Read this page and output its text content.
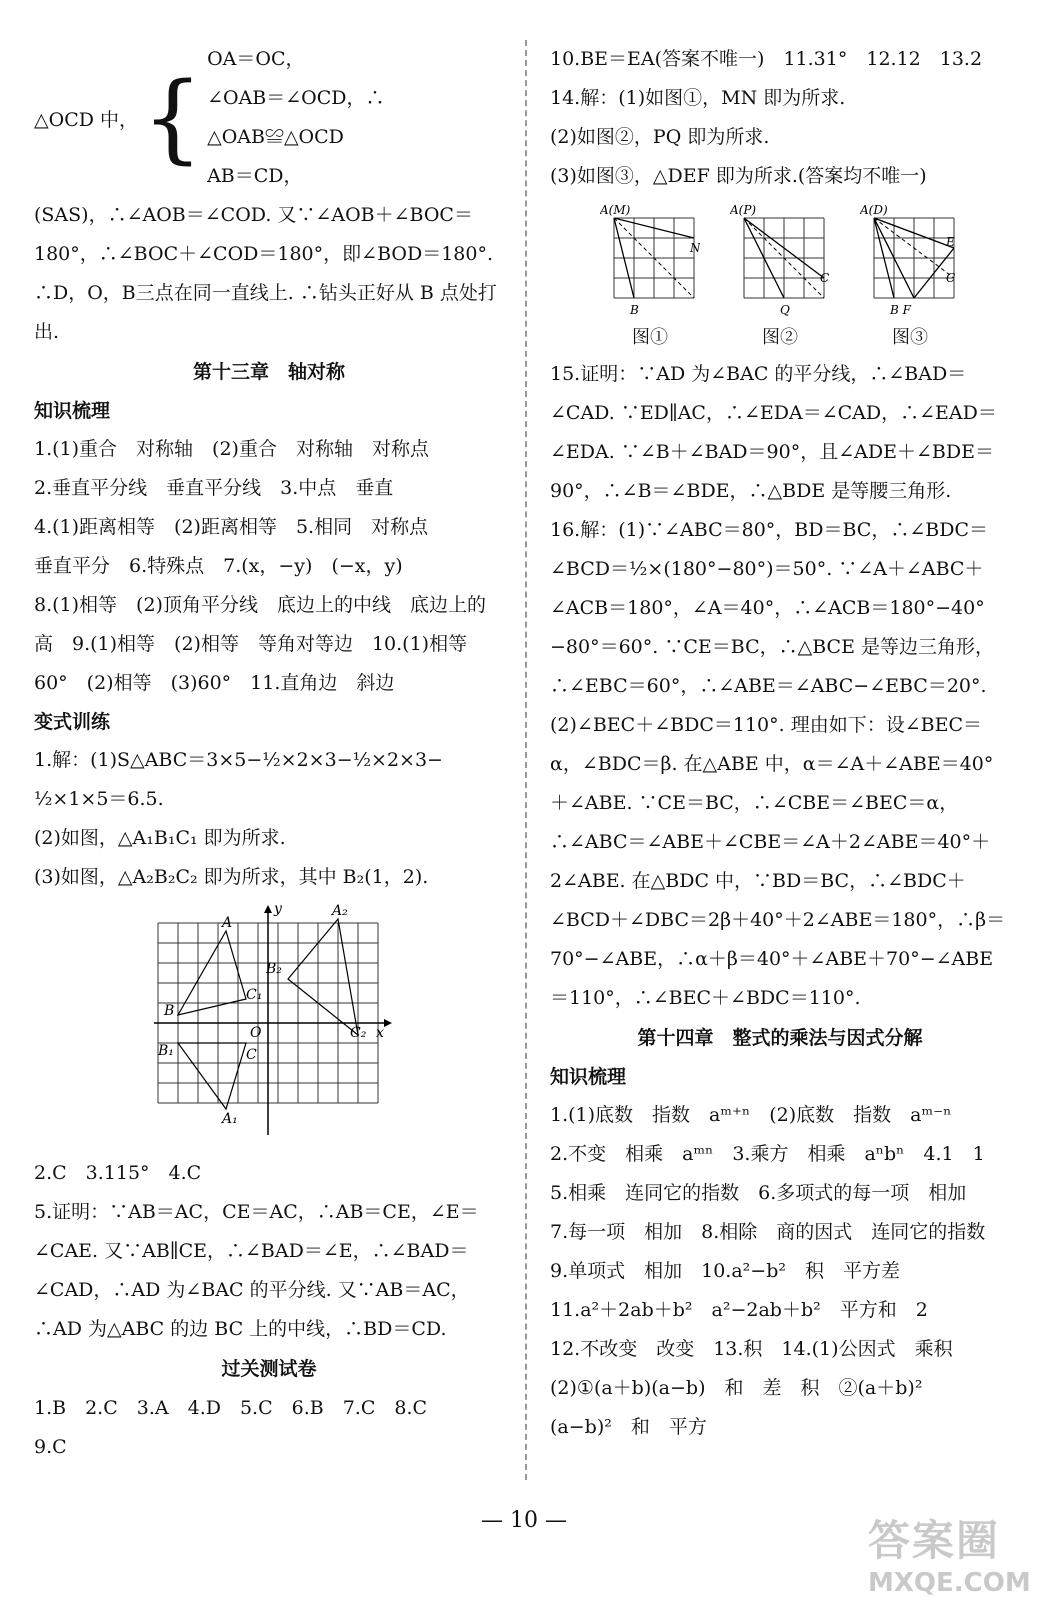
△OCD 中， {
OA＝OC，
∠OAB＝∠OCD，∴ △OAB≌△OCD
AB＝CD，
(SAS)，∴∠AOB＝∠COD. 又∵∠AOB＋∠BOC＝180°，∴∠BOC＋∠COD＝180°，即∠BOD＝180°. ∴D，O，B三点在同一直线上. ∴钻头正好从 B 点处打出.
第十三章　轴对称
知识梳理
1.(1)重合　对称轴　(2)重合　对称轴　对称点
2.垂直平分线　垂直平分线　3.中点　垂直
4.(1)距离相等　(2)距离相等　5.相同　对称点
垂直平分　6.特殊点　7.(x，−y)　(−x，y)
8.(1)相等　(2)顶角平分线　底边上的中线　底边上的高　9.(1)相等　(2)相等　等角对等边　10.(1)相等　60°　(2)相等　(3)60°　11.直角边　斜边
变式训练
1.解：(1)S△ABC＝3×5−½×2×3−½×2×3−
½×1×5＝6.5.
(2)如图，△A₁B₁C₁ 即为所求.
(3)如图，△A₂B₂C₂ 即为所求，其中 B₂(1，2).
A
B
C₁
O
C
B₁
A₁
A₂
B₂
C₂ x
y
2.C　3.115°　4.C
5.证明：∵AB＝AC，CE＝AC，∴AB＝CE，∠E＝∠CAE. 又∵AB∥CE，∴∠BAD＝∠E，∴∠BAD＝∠CAD，∴AD 为∠BAC 的平分线. 又∵AB＝AC，∴AD 为△ABC 的边 BC 上的中线，∴BD＝CD.
过关测试卷
1.B　2.C　3.A　4.D　5.C　6.B　7.C　8.C
9.C
10.BE＝EA(答案不唯一)　11.31°　12.12　13.2
14.解：(1)如图①，MN 即为所求.
(2)如图②，PQ 即为所求.
(3)如图③，△DEF 即为所求.(答案均不唯一)
A(M)
N
B
图①
A(P)
C
Q
图②
A(D)
E
C
B F
图③
15.证明：∵AD 为∠BAC 的平分线，∴∠BAD＝∠CAD. ∵ED∥AC，∴∠EDA＝∠CAD，∴∠EAD＝∠EDA. ∵∠B＋∠BAD＝90°，且∠ADE＋∠BDE＝90°，∴∠B＝∠BDE，∴△BDE 是等腰三角形.
16.解：(1)∵∠ABC＝80°，BD＝BC，∴∠BDC＝∠BCD＝½×(180°−80°)＝50°. ∵∠A＋∠ABC＋∠ACB＝180°，∠A＝40°，∴∠ACB＝180°−40°−80°＝60°. ∵CE＝BC，∴△BCE 是等边三角形，∴∠EBC＝60°，∴∠ABE＝∠ABC−∠EBC＝20°.
(2)∠BEC＋∠BDC＝110°. 理由如下：设∠BEC＝α，∠BDC＝β. 在△ABE 中，α＝∠A＋∠ABE＝40°＋∠ABE. ∵CE＝BC，∴∠CBE＝∠BEC＝α，∴∠ABC＝∠ABE＋∠CBE＝∠A＋2∠ABE＝40°＋2∠ABE. 在△BDC 中，∵BD＝BC，∴∠BDC＋∠BCD＋∠DBC＝2β＋40°＋2∠ABE＝180°，∴β＝70°−∠ABE，∴α＋β＝40°＋∠ABE＋70°−∠ABE＝110°，∴∠BEC＋∠BDC＝110°.
第十四章　整式的乘法与因式分解
知识梳理
1.(1)底数　指数　aᵐ⁺ⁿ　(2)底数　指数　aᵐ⁻ⁿ
2.不变　相乘　aᵐⁿ　3.乘方　相乘　aⁿbⁿ　4.1　1
5.相乘　连同它的指数　6.多项式的每一项　相加
7.每一项　相加　8.相除　商的因式　连同它的指数　9.单项式　相加　10.a²−b²　积　平方差
11.a²＋2ab＋b²　a²−2ab＋b²　平方和　2
12.不改变　改变　13.积　14.(1)公因式　乘积
(2)①(a＋b)(a−b)　和　差　积　②(a＋b)²
(a−b)²　和　平方
— 10 —	答案圈
MXQE.COM
